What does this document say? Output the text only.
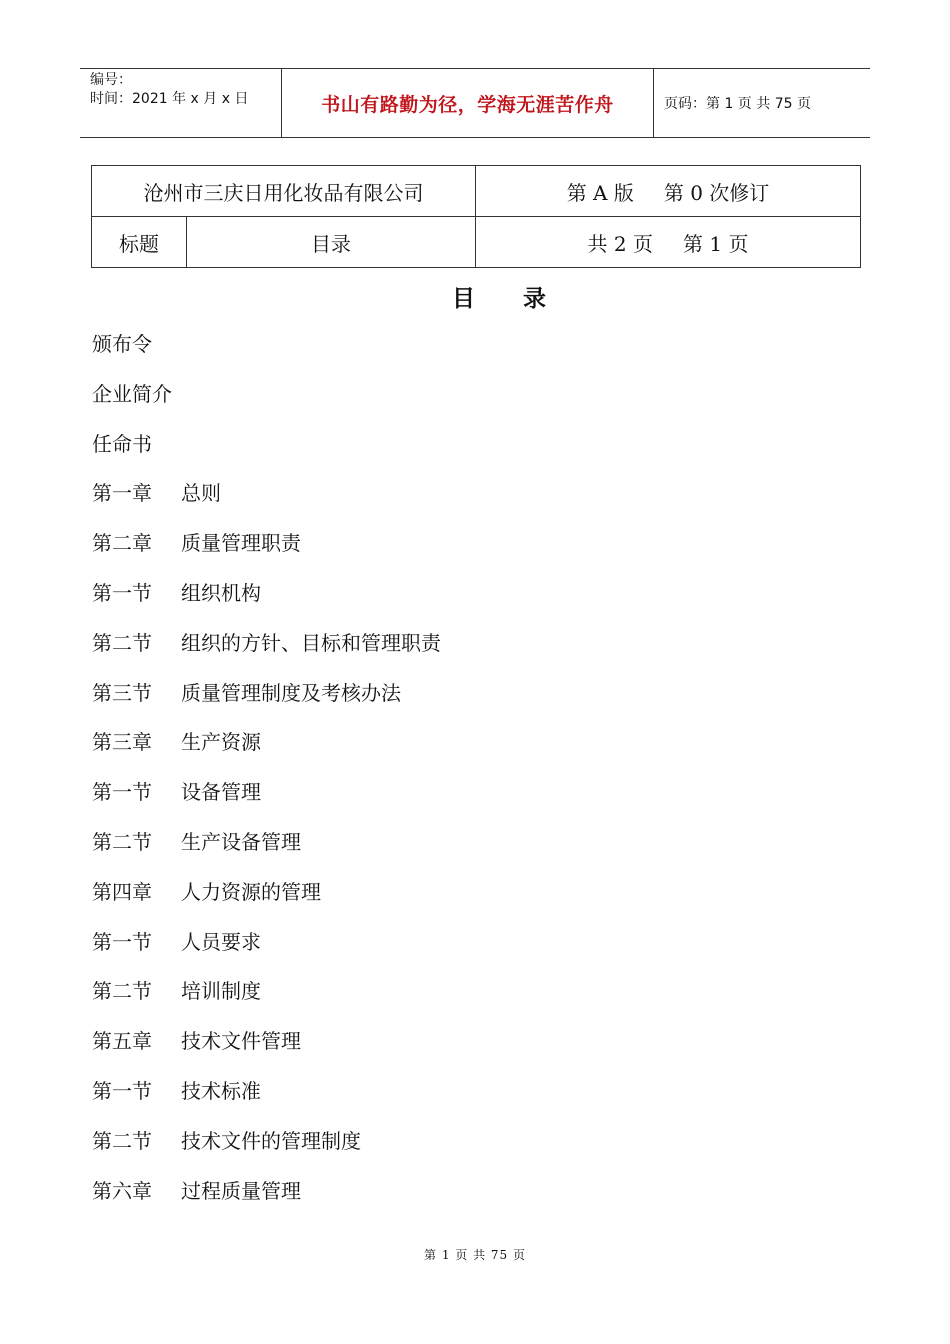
编号：
时间：2021 年 x 月 x 日	书山有路勤为径，学海无涯苦作舟	页码：第 1 页 共 75 页
沧州市三庆日用化妆品有限公司		第 A 版 第 0 次修订
标题	目录	共 2 页 第 1 页
目录
颁布令
企业简介
任命书
第一章 总则
第二章 质量管理职责
第一节 组织机构
第二节 组织的方针、目标和管理职责
第三节 质量管理制度及考核办法
第三章 生产资源
第一节 设备管理
第二节 生产设备管理
第四章 人力资源的管理
第一节 人员要求
第二节 培训制度
第五章 技术文件管理
第一节 技术标准
第二节 技术文件的管理制度
第六章 过程质量管理
第 1 页 共 75 页
